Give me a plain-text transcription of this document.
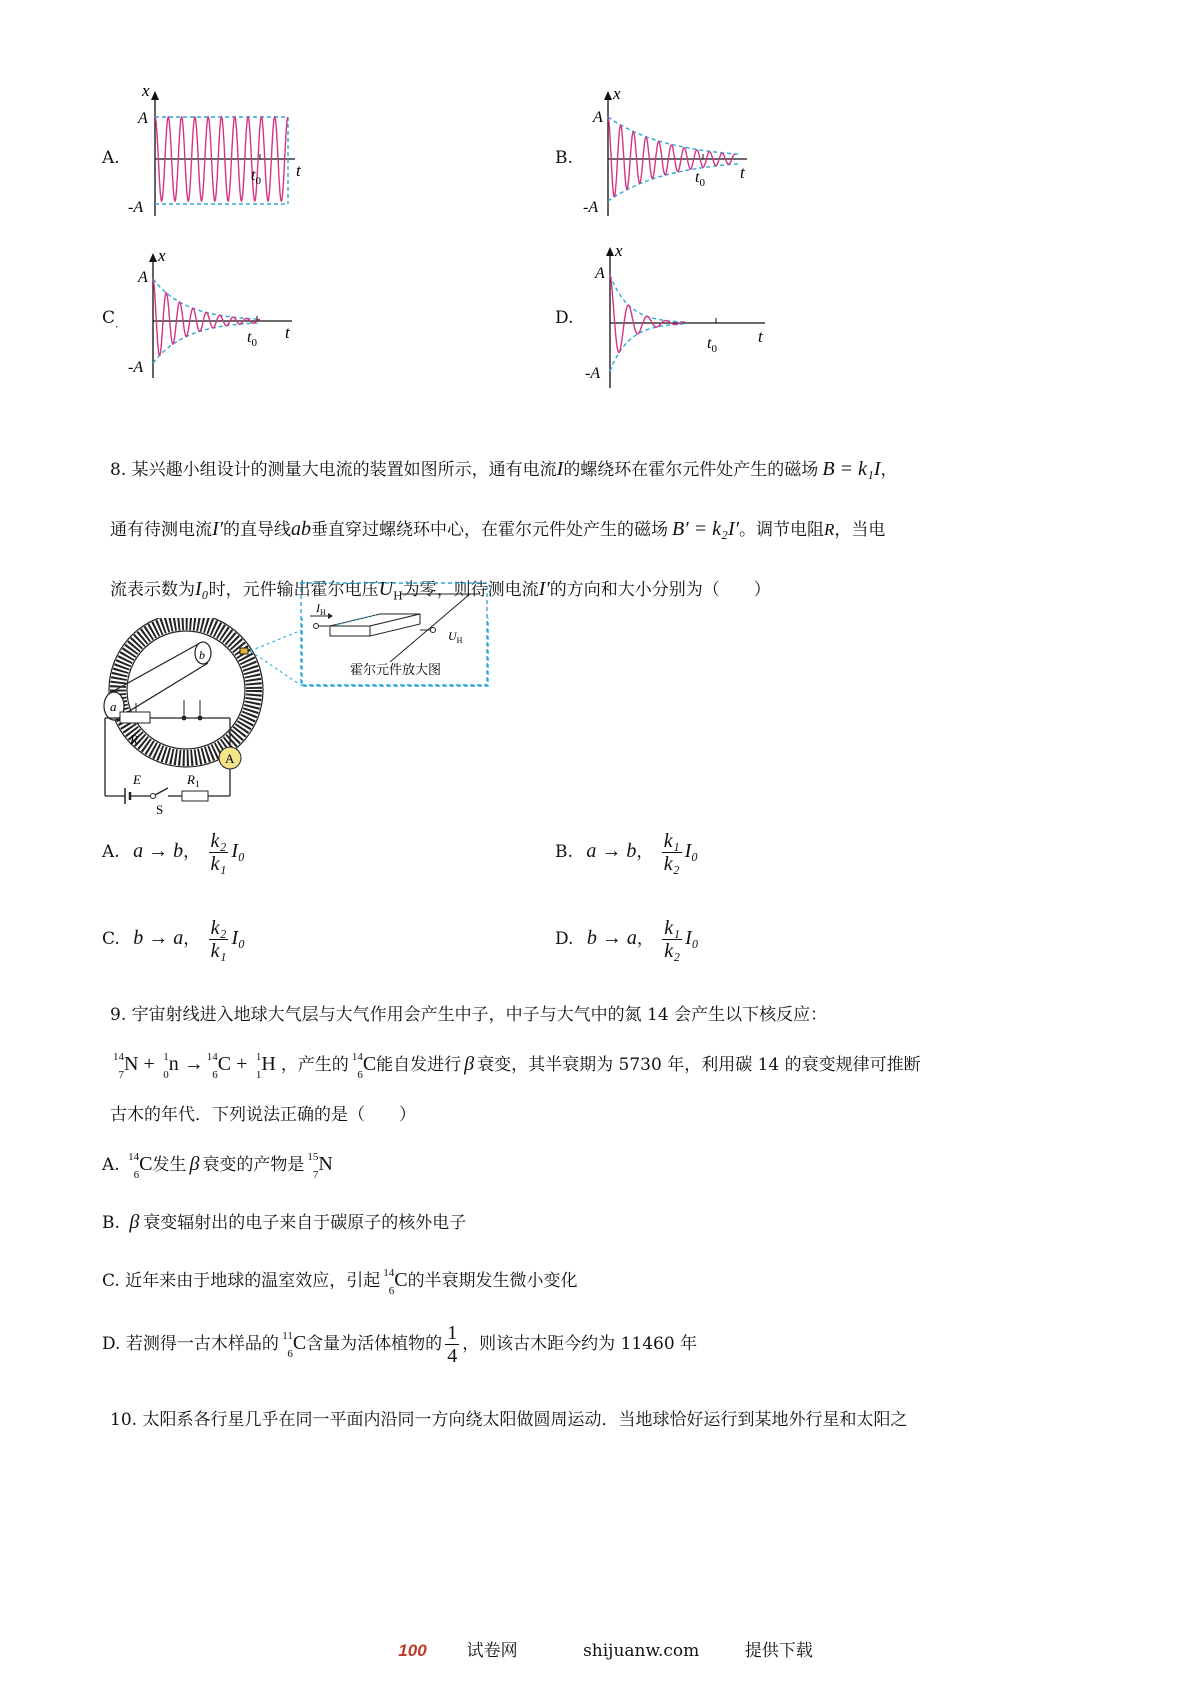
A.
x
A
-A
t
$t_0$
B.
x
A
-A
t
$t_0$
$C_.$
x
A
-A
t
$t_0$
D.
x
A
-A
t
$t_0$
8. 某兴趣小组设计的测量大电流的装置如图所示，通有电流I的螺绕环在霍尔元件处产生的磁场 B = k₁I，
通有待测电流I′的直导线ab垂直穿过螺绕环中心，在霍尔元件处产生的磁场 B′ = k₂I′。调节电阻R，当电
流表示数为I₀时，元件输出霍尔电压$U_H$为零，则待测电流I′的方向和大小分别为（　　）
a
b
R
A
E
S
$R_1$
$I_H$
$U_H$
霍尔元件放大图
A. a → b， $\frac{\text{k₂}}{\text{k₁}} I_0$	B. a → b， $\frac{\text{k₁}}{\text{k₂}} I_0$
C. b → a， $\frac{\text{k₂}}{\text{k₁}} I_0$	D. b → a， $\frac{\text{k₁}}{\text{k₂}} I_0$
9. 宇宙射线进入地球大气层与大气作用会产生中子，中子与大气中的氮 14 会产生以下核反应：
14
7
N + 1
0
n → 14
6
C + 1
1
H ，产生的 14
6
C能自发进行 β 衰变，其半衰期为 5730 年，利用碳 14 的衰变规律可推断
古木的年代．下列说法正确的是（　　）
A. 14
6
C发生 β 衰变的产物是 15
7
N
B. β 衰变辐射出的电子来自于碳原子的核外电子
C. 近年来由于地球的温室效应，引起 14
6
C的半衰期发生微小变化
D. 若测得一古木样品的 11
6
C含量为活体植物的 $\frac{1}{4}$ ，则该古木距今约为 11460 年
10. 太阳系各行星几乎在同一平面内沿同一方向绕太阳做圆周运动．当地球恰好运行到某地外行星和太阳之
100 试卷网	shijuanw.com	提供下载
